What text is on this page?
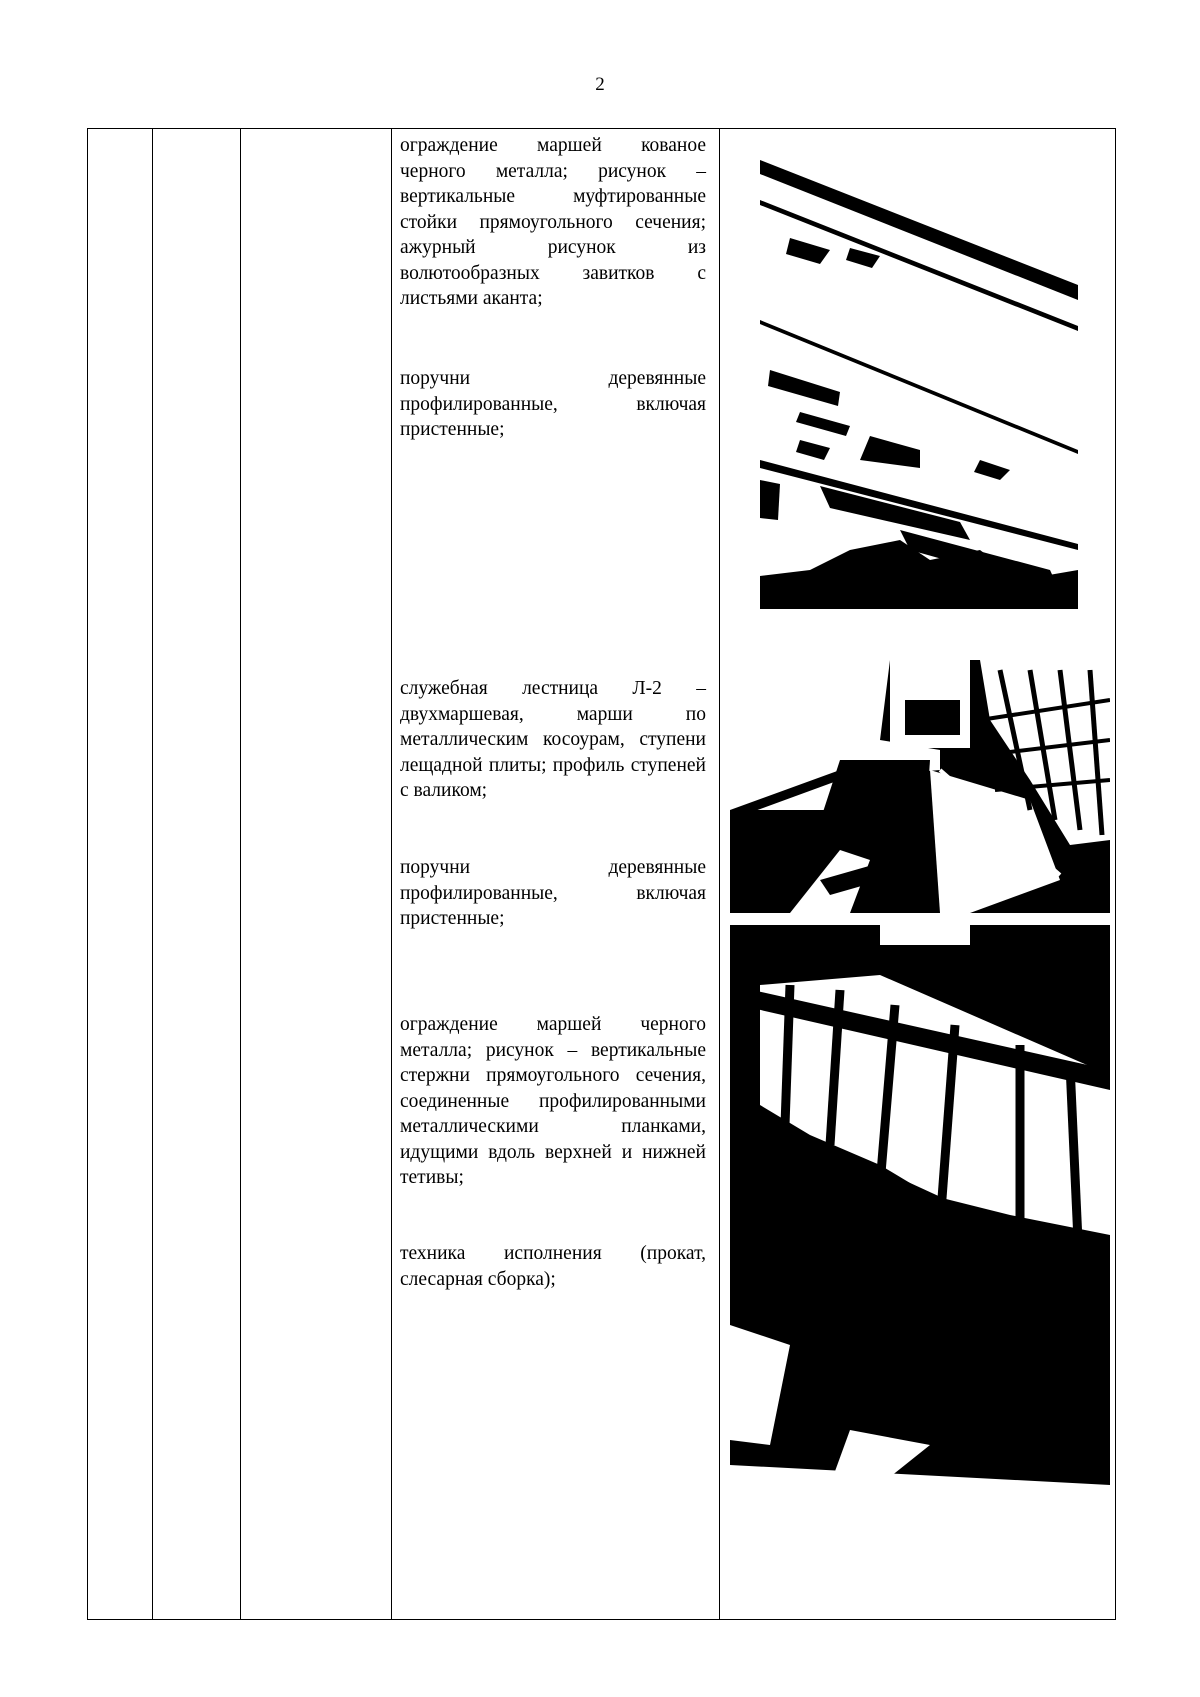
2
ограждение маршей кованое черного металла; рисунок – вертикальные муфтированные стойки прямоугольного сечения; ажурный рисунок из волютообразных завитков с листьями аканта;
поручни деревянные профилированные, включая пристенные;
служебная лестница Л-2 – двухмаршевая, марши по металлическим косоурам, ступени лещадной плиты; профиль ступеней с валиком;
поручни деревянные профилированные, включая пристенные;
ограждение маршей черного металла; рисунок – вертикальные стержни прямоугольного сечения, соединенные профилированными металлическими планками, идущими вдоль верхней и нижней тетивы;
техника исполнения (прокат, слесарная сборка);
